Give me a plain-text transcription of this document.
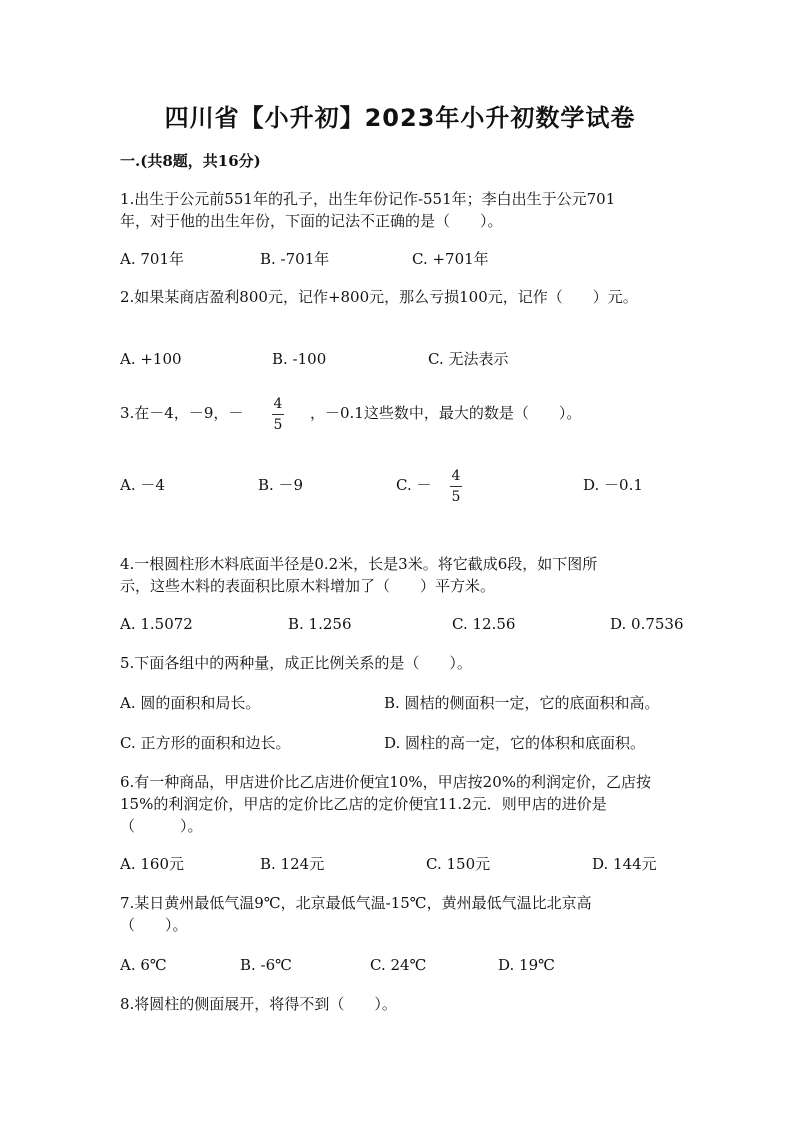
四川省【小升初】2023年小升初数学试卷
一.(共8题，共16分)
1.出生于公元前551年的孔子，出生年份记作-551年；李白出生于公元701
年，对于他的出生年份，下面的记法不正确的是（　　）。
A. 701年	B. -701年	C. +701年
2.如果某商店盈利800元，记作+800元，那么亏损100元，记作（　　）元。
A. +100	B. -100	C. 无法表示
3.在－4，－9，－ 4
5
，－0.1这些数中，最大的数是（　　）。
A. －4	B. －9	C. － 4
5
D. －0.1
4.一根圆柱形木料底面半径是0.2米，长是3米。将它截成6段，如下图所
示，这些木料的表面积比原木料增加了（　　）平方米。
A. 1.5072	B. 1.256	C. 12.56	D. 0.7536
5.下面各组中的两种量，成正比例关系的是（　　）。
A. 圆的面积和局长。	B. 圆桔的侧面积一定，它的底面积和高。
C. 正方形的面积和边长。	D. 圆柱的高一定，它的体积和底面积。
6.有一种商品，甲店进价比乙店进价便宜10%，甲店按20%的利润定价，乙店按
15%的利润定价，甲店的定价比乙店的定价便宜11.2元．则甲店的进价是
（　　　）。
A. 160元	B. 124元	C. 150元	D. 144元
7.某日黄州最低气温9℃，北京最低气温-15℃，黄州最低气温比北京高
（　　）。
A. 6℃	B. -6℃	C. 24℃	D. 19℃
8.将圆柱的侧面展开，将得不到（　　）。
